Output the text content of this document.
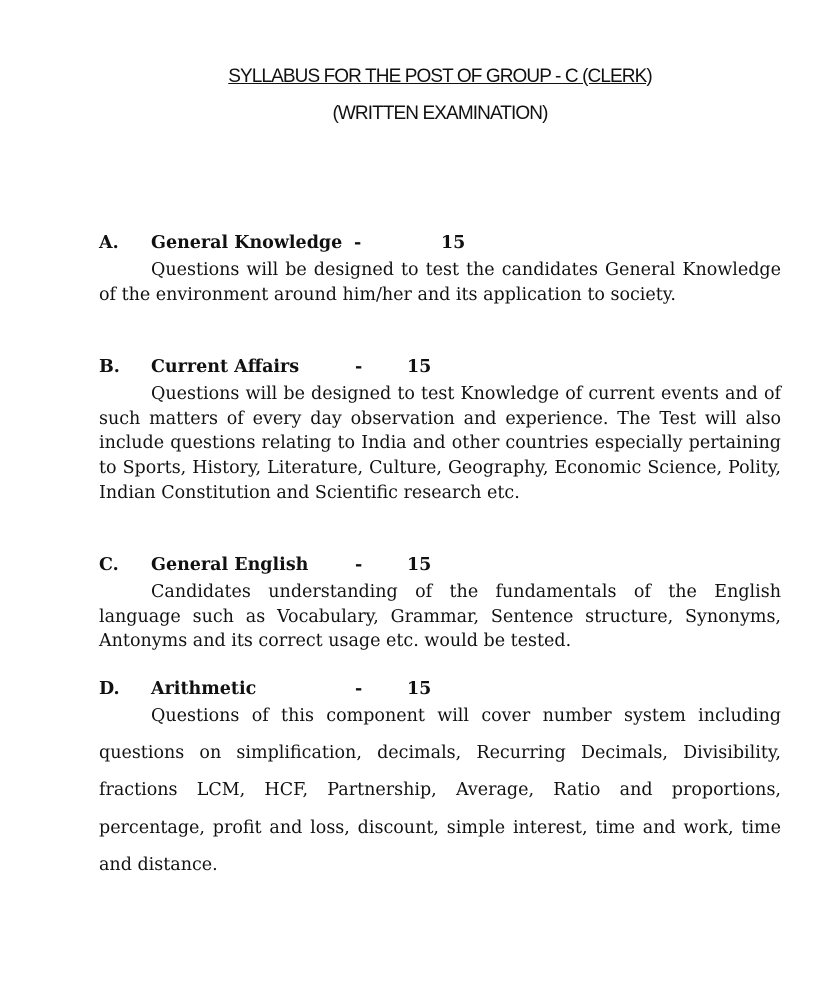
SYLLABUS FOR THE POST OF GROUP - C (CLERK)
(WRITTEN EXAMINATION)
A. General Knowledge -	15

Questions will be designed to test the candidates General Knowledge of the environment around him/her and its application to society.

B. Current Affairs	-	15

Questions will be designed to test Knowledge of current events and of such matters of every day observation and experience. The Test will also include questions relating to India and other countries especially pertaining to Sports, History, Literature, Culture, Geography, Economic Science, Polity, Indian Constitution and Scientific research etc.

C. General English	-	15

Candidates understanding of the fundamentals of the English language such as Vocabulary, Grammar, Sentence structure, Synonyms, Antonyms and its correct usage etc. would be tested.

D. Arithmetic	-	15

Questions of this component will cover number system including questions on simplification, decimals, Recurring Decimals, Divisibility, fractions LCM, HCF, Partnership, Average, Ratio and proportions, percentage, profit and loss, discount, simple interest, time and work, time and distance.
